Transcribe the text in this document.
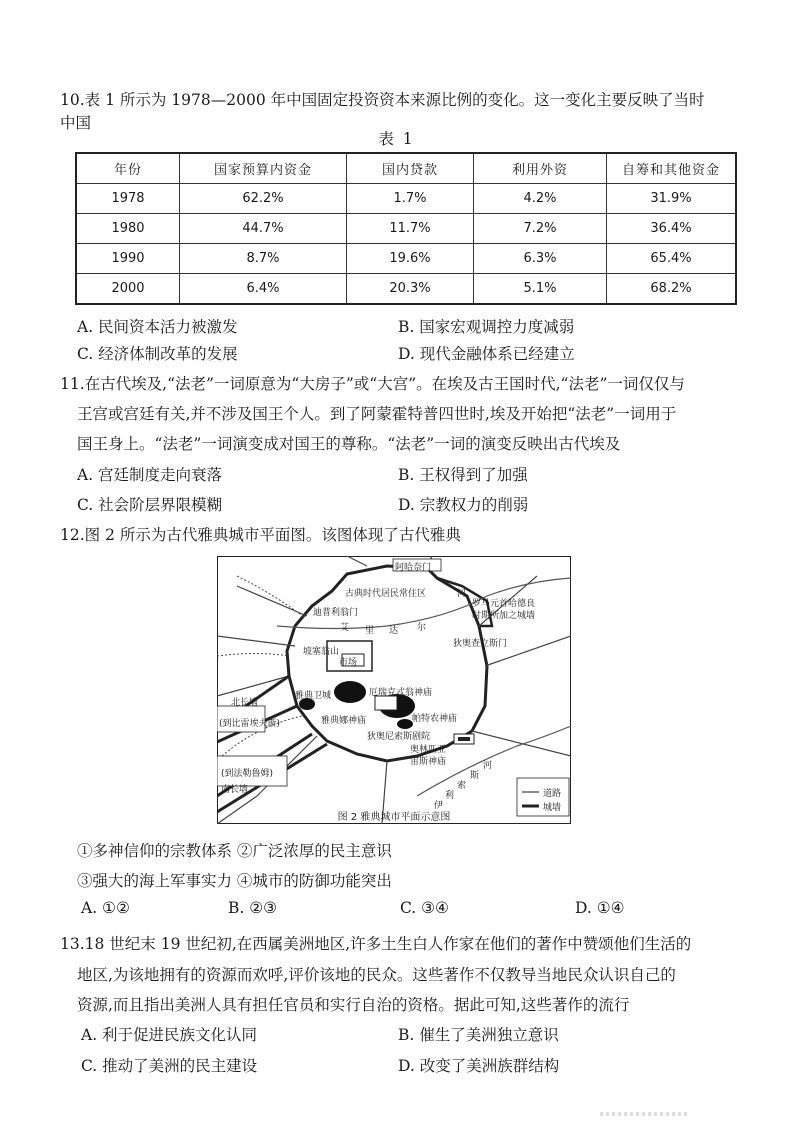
10.表 1 所示为 1978—2000 年中国固定投资资本来源比例的变化。这一变化主要反映了当时
中国
表 1
年份	国家预算内资金	国内贷款	利用外资	自筹和其他资金
1978	62.2%	1.7%	4.2%	31.9%
1980	44.7%	11.7%	7.2%	36.4%
1990	8.7%	19.6%	6.3%	65.4%
2000	6.4%	20.3%	5.1%	68.2%
A. 民间资本活力被激发	B. 国家宏观调控力度减弱
C. 经济体制改革的发展	D. 现代金融体系已经建立
11.在古代埃及,“法老”一词原意为“大房子”或“大宫”。在埃及古王国时代,“法老”一词仅仅与
王宫或宫廷有关,并不涉及国王个人。到了阿蒙霍特普四世时,埃及开始把“法老”一词用于
国王身上。“法老”一词演变成对国王的尊称。“法老”一词的演变反映出古代埃及
A. 宫廷制度走向衰落	B. 王权得到了加强
C. 社会阶层界限模糊	D. 宗教权力的削弱
12.图 2 所示为古代雅典城市平面图。该图体现了古代雅典
阿哈奈门
古典时代居民常住区
迪普利翁门
罗马元首哈德良
时期所加之城墙
河
艾 里 达 尔
狄奥查立斯门
坡塞翁山
市场
雅典卫城	厄瑞克忒翁神庙
雅典娜神庙	帕特农神庙
狄奥尼索斯剧院
奥林匹亚
宙斯神庙
北长墙
(到比雷埃夫斯)
南长墙
(到法勒鲁姆)
伊
利
索
斯
河
道路
城墙
图 2 雅典城市平面示意图
①多神信仰的宗教体系 ②广泛浓厚的民主意识
③强大的海上军事实力 ④城市的防御功能突出
A. ①②	B. ②③	C. ③④	D. ①④
13.18 世纪末 19 世纪初,在西属美洲地区,许多土生白人作家在他们的著作中赞颂他们生活的
地区,为该地拥有的资源而欢呼,评价该地的民众。这些著作不仅教导当地民众认识自己的
资源,而且指出美洲人具有担任官员和实行自治的资格。据此可知,这些著作的流行
A. 利于促进民族文化认同	B. 催生了美洲独立意识
C. 推动了美洲的民主建设	D. 改变了美洲族群结构
